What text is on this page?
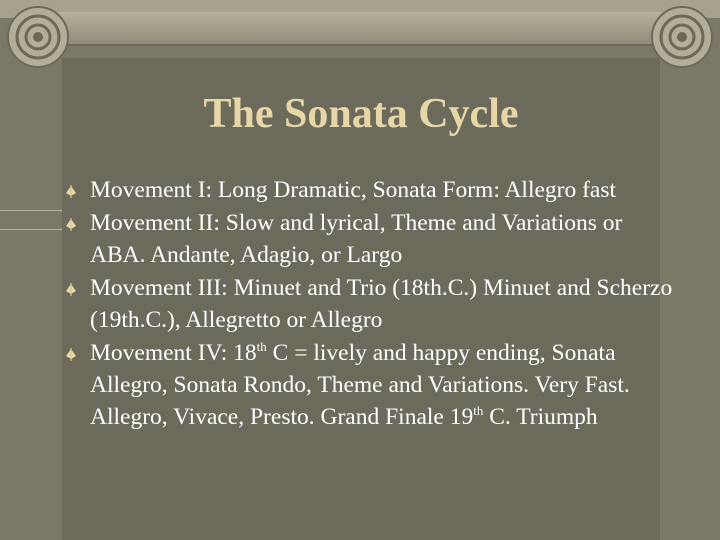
The Sonata Cycle
Movement I: Long Dramatic, Sonata Form: Allegro fast
Movement II: Slow and lyrical, Theme and Variations or ABA. Andante, Adagio, or Largo
Movement III: Minuet and Trio (18th.C.) Minuet and Scherzo (19th.C.), Allegretto or Allegro
Movement IV: 18th C = lively and happy ending, Sonata Allegro, Sonata Rondo, Theme and Variations. Very Fast. Allegro, Vivace, Presto. Grand Finale 19th C. Triumph
